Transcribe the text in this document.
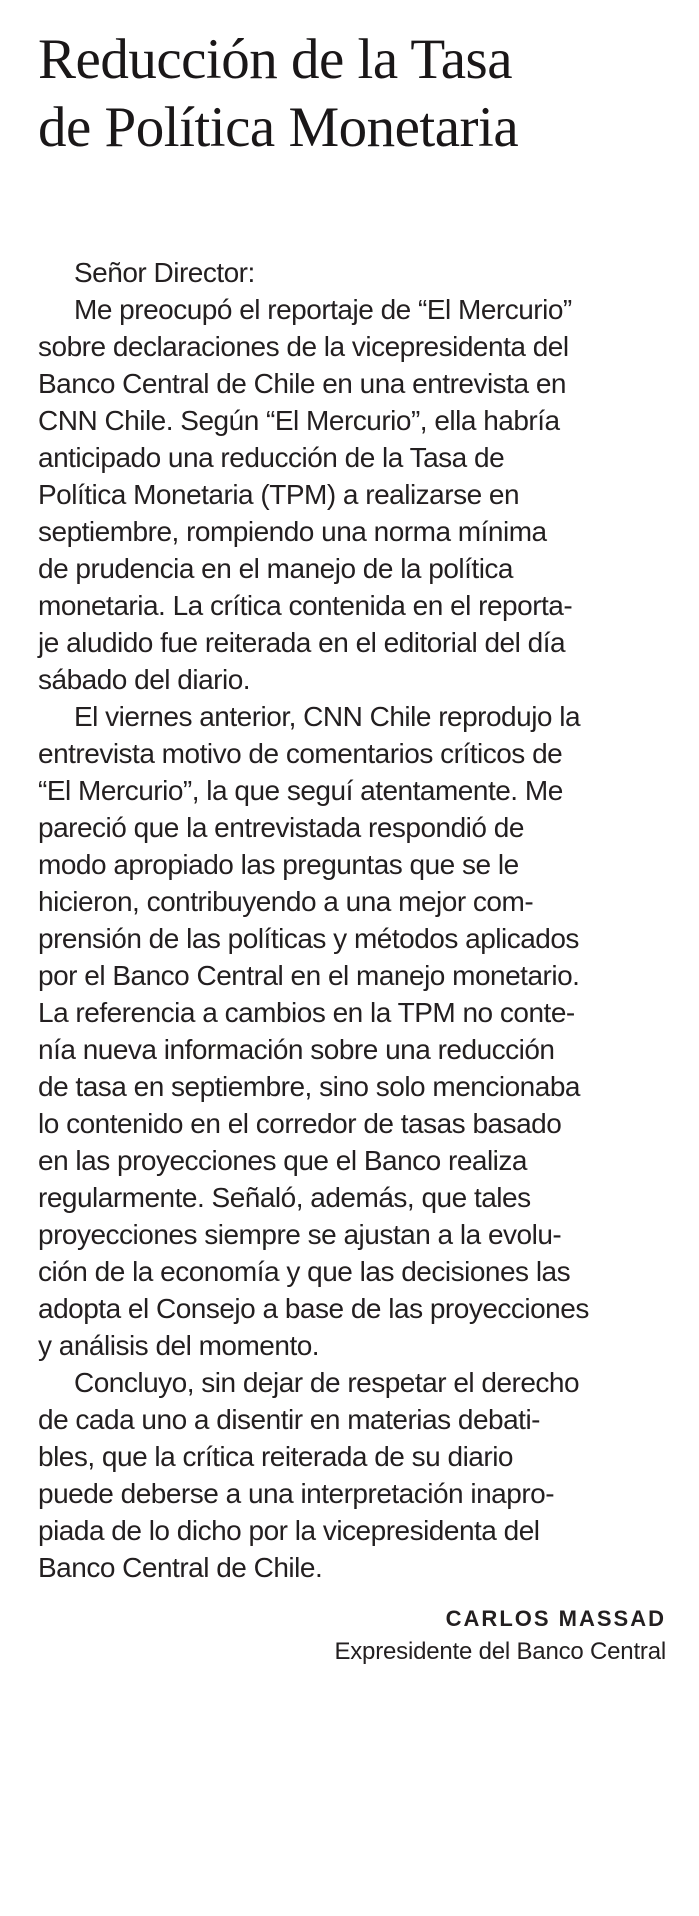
Reducción de la Tasa
de Política Monetaria
Señor Director:
Me preocupó el reportaje de “El Mercurio”
sobre declaraciones de la vicepresidenta del
Banco Central de Chile en una entrevista en
CNN Chile. Según “El Mercurio”, ella habría
anticipado una reducción de la Tasa de
Política Monetaria (TPM) a realizarse en
septiembre, rompiendo una norma mínima
de prudencia en el manejo de la política
monetaria. La crítica contenida en el reporta-
je aludido fue reiterada en el editorial del día
sábado del diario.
El viernes anterior, CNN Chile reprodujo la
entrevista motivo de comentarios críticos de
“El Mercurio”, la que seguí atentamente. Me
pareció que la entrevistada respondió de
modo apropiado las preguntas que se le
hicieron, contribuyendo a una mejor com-
prensión de las políticas y métodos aplicados
por el Banco Central en el manejo monetario.
La referencia a cambios en la TPM no conte-
nía nueva información sobre una reducción
de tasa en septiembre, sino solo mencionaba
lo contenido en el corredor de tasas basado
en las proyecciones que el Banco realiza
regularmente. Señaló, además, que tales
proyecciones siempre se ajustan a la evolu-
ción de la economía y que las decisiones las
adopta el Consejo a base de las proyecciones
y análisis del momento.
Concluyo, sin dejar de respetar el derecho
de cada uno a disentir en materias debati-
bles, que la crítica reiterada de su diario
puede deberse a una interpretación inapro-
piada de lo dicho por la vicepresidenta del
Banco Central de Chile.
CARLOS MASSAD
Expresidente del Banco Central
